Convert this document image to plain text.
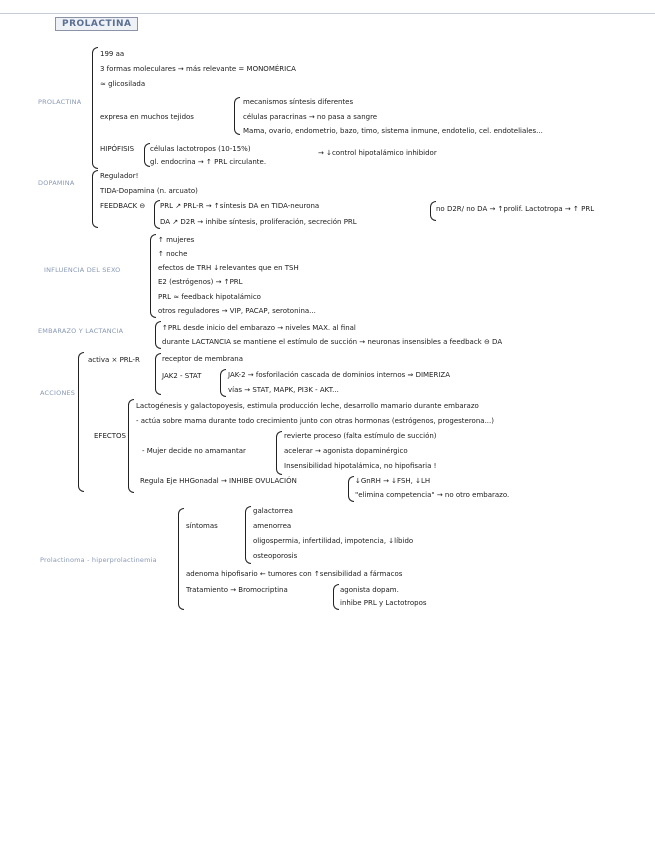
PROLACTINA
PROLACTINA
199 aa
3 formas moleculares → más relevante = MONOMÉRICA
≈ glicosilada
expresa en muchos tejidos
mecanismos síntesis diferentes
células paracrinas → no pasa a sangre
Mama, ovario, endometrio, bazo, timo, sistema inmune, endotelio, cel. endoteliales...
HIPÓFISIS células lactotropos (10-15%)
gl. endocrina → ↑ PRL circulante.
→ ↓control hipotalámico inhibidor
DOPAMINA
Regulador!
TIDA-Dopamina (n. arcuato)
FEEDBACK ⊖ PRL ↗ PRL-R → ↑síntesis DA en TIDA-neurona
DA ↗ D2R → inhibe síntesis, proliferación, secreción PRL
no D2R/ no DA → ↑prolif. Lactotropa → ↑ PRL
INFLUENCIA DEL SEXO
↑ mujeres
↑ noche
efectos de TRH ↓relevantes que en TSH
E2 (estrógenos) → ↑PRL
PRL ≈ feedback hipotalámico
otros reguladores → VIP, PACAP, serotonina...
EMBARAZO Y LACTANCIA	↑PRL desde inicio del embarazo → niveles MAX. al final
durante LACTANCIA se mantiene el estímulo de succión → neuronas insensibles a feedback ⊖ DA
ACCIONES
activa × PRL-R	receptor de membrana
JAK2 - STAT	JAK-2 → fosforilación cascada de dominios internos ⇒ DIMERIZA
vías → STAT, MAPK, PI3K - AKT...
EFECTOS
Lactogénesis y galactopoyesis, estimula producción leche, desarrollo mamario durante embarazo
- actúa sobre mama durante todo crecimiento junto con otras hormonas (estrógenos, progesterona...)
- Mujer decide no amamantar
revierte proceso (falta estímulo de succión)
acelerar → agonista dopaminérgico
Insensibilidad hipotalámica, no hipofisaria !
Regula Eje HHGonadal → INHIBE OVULACIÓN	↓GnRH → ↓FSH, ↓LH
"elimina competencia" → no otro embarazo.
Prolactinoma - hiperprolactinemia
síntomas
galactorrea
amenorrea
oligospermia, infertilidad, impotencia, ↓líbido
osteoporosis
adenoma hipofisario ← tumores con ↑sensibilidad a fármacos
Tratamiento → Bromocriptina	agonista dopam.
inhibe PRL y Lactotropos
